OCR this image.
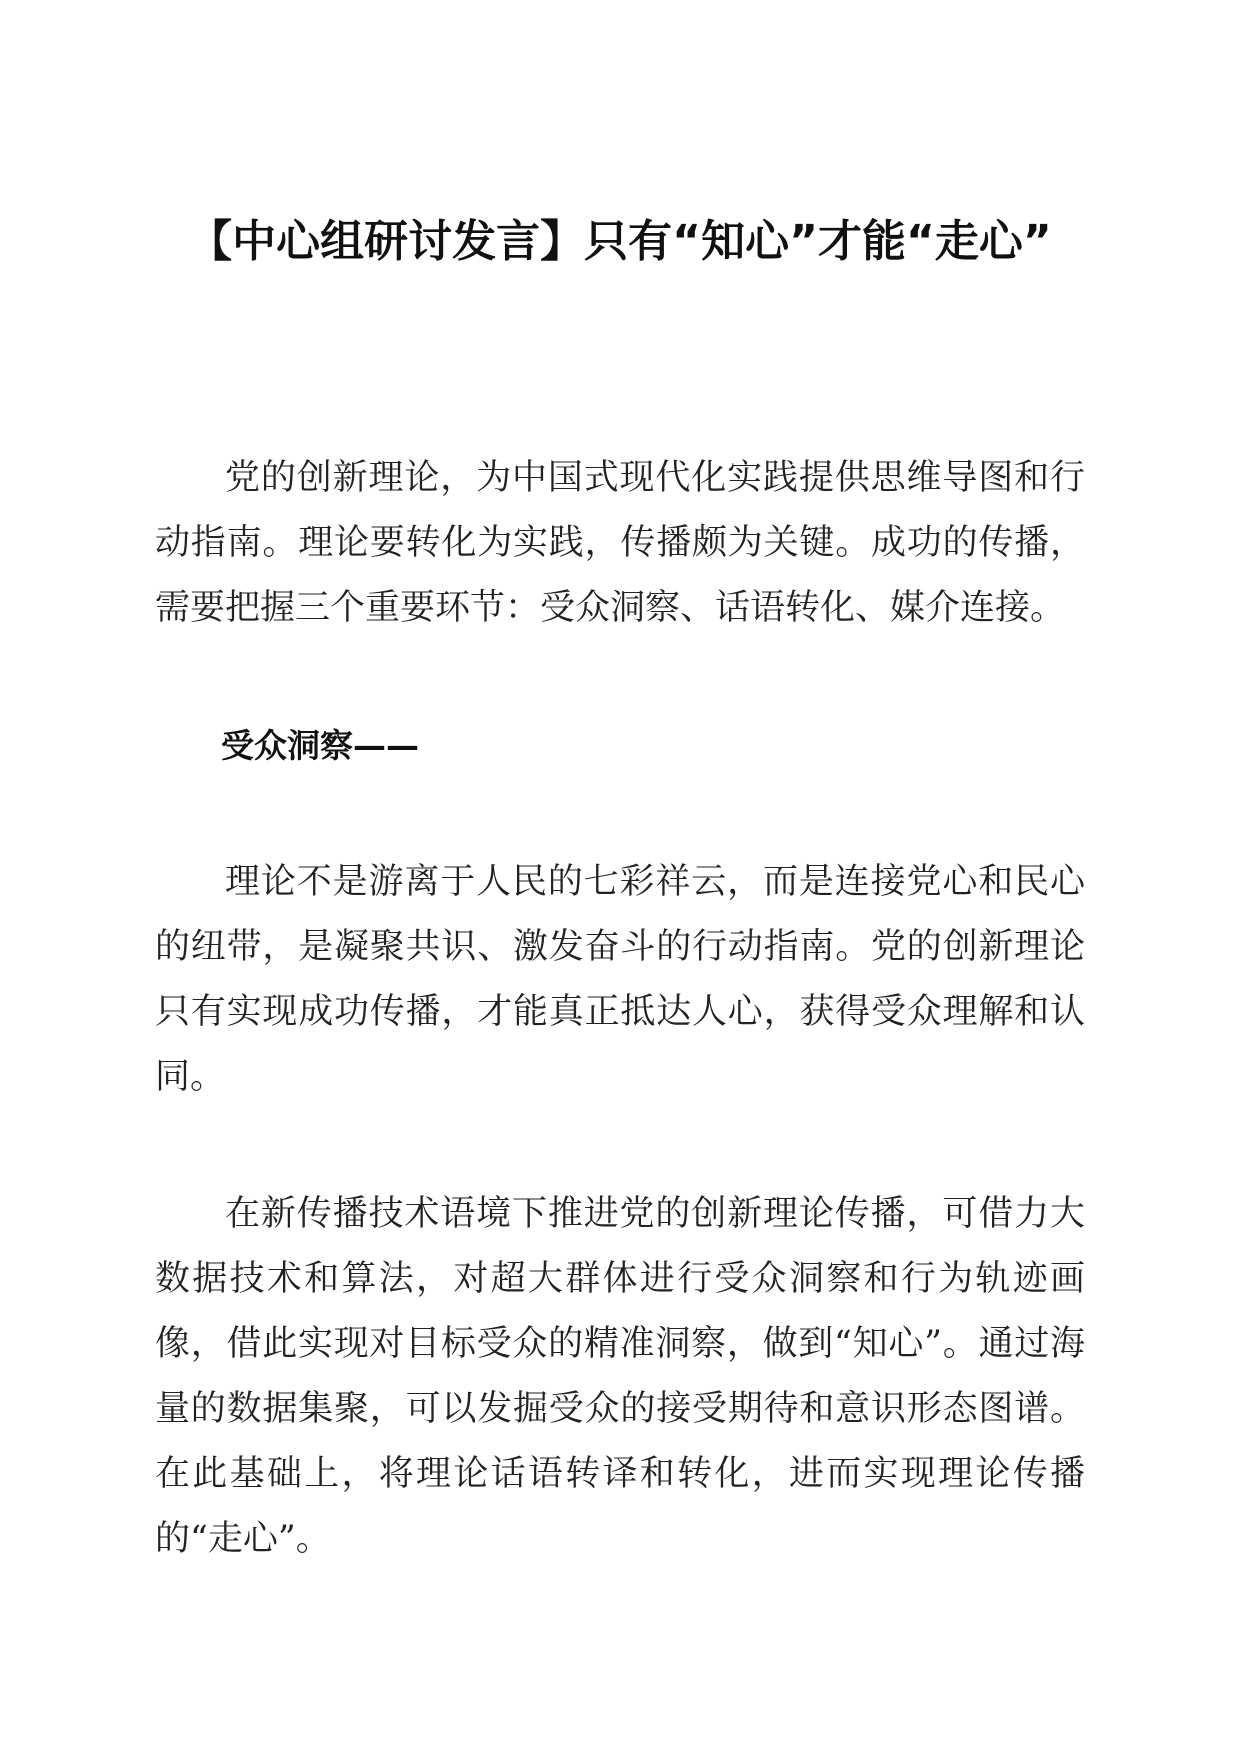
【中心组研讨发言】只有“知心”才能“走心”

党的创新理论，为中国式现代化实践提供思维导图和行动指南。理论要转化为实践，传播颇为关键。成功的传播，需要把握三个重要环节：受众洞察、话语转化、媒介连接。

受众洞察——

理论不是游离于人民的七彩祥云，而是连接党心和民心的纽带，是凝聚共识、激发奋斗的行动指南。党的创新理论只有实现成功传播，才能真正抵达人心，获得受众理解和认同。

在新传播技术语境下推进党的创新理论传播，可借力大数据技术和算法，对超大群体进行受众洞察和行为轨迹画像，借此实现对目标受众的精准洞察，做到“知心”。通过海量的数据集聚，可以发掘受众的接受期待和意识形态图谱。在此基础上，将理论话语转译和转化，进而实现理论传播的“走心”。
